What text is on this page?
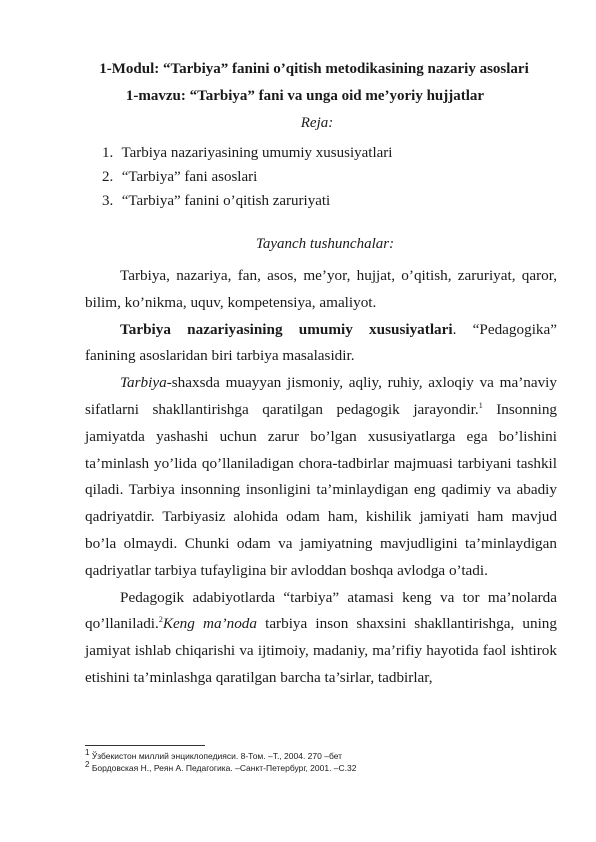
1-Modul: “Tarbiya” fanini o’qitish metodikasining nazariy asoslari
1-mavzu: “Tarbiya” fani va unga oid me’yoriy hujjatlar
Reja:
1. Tarbiya nazariyasining umumiy xususiyatlari
2. “Tarbiya” fani asoslari
3. “Tarbiya” fanini o’qitish zaruriyati
Tayanch tushunchalar:

Tarbiya, nazariya, fan, asos, me’yor, hujjat, o’qitish, zaruriyat, qaror, bilim, ko’nikma, uquv, kompetensiya, amaliyot.

Tarbiya nazariyasining umumiy xususiyatlari. “Pedagogika” fanining asoslaridan biri tarbiya masalasidir.

Tarbiya-shaxsda muayyan jismoniy, aqliy, ruhiy, axloqiy va ma’naviy sifatlarni shakllantirishga qaratilgan pedagogik jarayondir.$^1$ Insonning jamiyatda yashashi uchun zarur bo’lgan xususiyatlarga ega bo’lishini ta’minlash yo’lida qo’llaniladigan chora-tadbirlar majmuasi tarbiyani tashkil qiladi. Tarbiya insonning insonligini ta’minlaydigan eng qadimiy va abadiy qadriyatdir. Tarbiyasiz alohida odam ham, kishilik jamiyati ham mavjud bo’la olmaydi. Chunki odam va jamiyatning mavjudligini ta’minlaydigan qadriyatlar tarbiya tufayligina bir avloddan boshqa avlodga o’tadi.

Pedagogik adabiyotlarda “tarbiya” atamasi keng va tor ma’nolarda qo’llaniladi.$^2$Keng ma’noda tarbiya inson shaxsini shakllantirishga, uning jamiyat ishlab chiqarishi va ijtimoiy, madaniy, ma’rifiy hayotida faol ishtirok etishini ta’minlashga qaratilgan barcha ta’sirlar, tadbirlar,

$^1$ Ўзбекистон миллий энциклопедияси. 8-Том. –Т., 2004. 270 –бет
$^2$ Бордовская Н., Реян А. Педагогика. –Санкт-Петербург, 2001. –С.32
